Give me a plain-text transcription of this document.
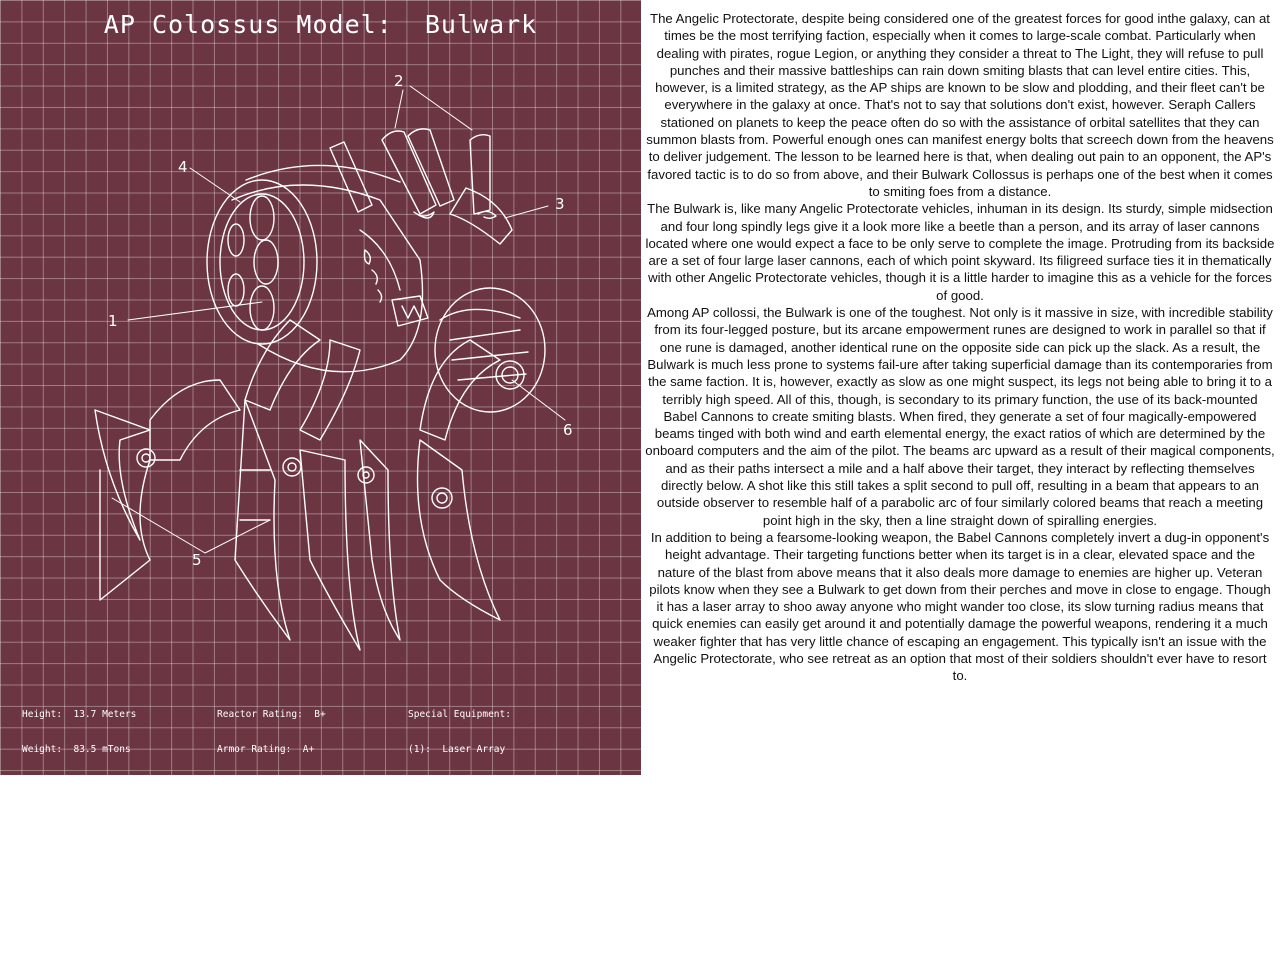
AP Colossus Model:  Bulwark
1
2
3
4
5
6

Height:  13.7 Meters

Weight:  83.5 mTons

Production Year:  BC35

Developed:  Dominion Legacy

Manufactured:  Various

Role:  Artillery Support

Spaceflight/BioWarp:  No/No

Reactor Rating:  B+

Armor Rating:  A+

Primary Armament Rating:  C+

Secondary Armament Rating:  C

Top Speed Rating:  D

Shield Rating:  A+

Maneuver Rating:  D

Special Equipment:

(1):  Laser Array

(2):  Babel Cannons

(3):  Mirrored Empowerment Runes

(4):  Blessed Armor

(5):  Stabilizer Legs

(6):  Centralized Cockpit

The Angelic Protectorate, despite being considered one of the greatest forces for good inthe galaxy, can at times be the most terrifying faction, especially when it comes to large-scale combat. Particularly when dealing with pirates, rogue Legion, or anything they consider a threat to The Light, they will refuse to pull punches and their massive battleships can rain down smiting blasts that can level entire cities. This, however, is a limited strategy, as the AP ships are known to be slow and plodding, and their fleet can't be everywhere in the galaxy at once. That's not to say that solutions don't exist, however. Seraph Callers stationed on planets to keep the peace often do so with the assistance of orbital satellites that they can summon blasts from. Powerful enough ones can manifest energy bolts that screech down from the heavens to deliver judgement. The lesson to be learned here is that, when dealing out pain to an opponent, the AP's favored tactic is to do so from above, and their Bulwark Collossus is perhaps one of the best when it comes to smiting foes from a distance.

The Bulwark is, like many Angelic Protectorate vehicles, inhuman in its design. Its sturdy, simple midsection and four long spindly legs give it a look more like a beetle than a person, and its array of laser cannons located where one would expect a face to be only serve to complete the image. Protruding from its backside are a set of four large laser cannons, each of which point skyward. Its filigreed surface ties it in thematically with other Angelic Protectorate vehicles, though it is a little harder to imagine this as a vehicle for the forces of good.

Among AP collossi, the Bulwark is one of the toughest. Not only is it massive in size, with incredible stability from its four-legged posture, but its arcane empowerment runes are designed to work in parallel so that if one rune is damaged, another identical rune on the opposite side can pick up the slack. As a result, the Bulwark is much less prone to systems fail-ure after taking superficial damage than its contemporaries from the same faction. It is, however, exactly as slow as one might suspect, its legs not being able to bring it to a terribly high speed. All of this, though, is secondary to its primary function, the use of its back-mounted Babel Cannons to create smiting blasts. When fired, they generate a set of four magically-empowered beams tinged with both wind and earth elemental energy, the exact ratios of which are determined by the onboard computers and the aim of the pilot. The beams arc upward as a result of their magical components, and as their paths intersect a mile and a half above their target, they interact by reflecting themselves directly below. A shot like this still takes a split second to pull off, resulting in a beam that appears to an outside observer to resemble half of a parabolic arc of four similarly colored beams that reach a meeting point high in the sky, then a line straight down of spiralling energies.

In addition to being a fearsome-looking weapon, the Babel Cannons completely invert a dug-in opponent's height advantage. Their targeting functions better when its target is in a clear, elevated space and the nature of the blast from above means that it also deals more damage to enemies are higher up. Veteran pilots know when they see a Bulwark to get down from their perches and move in close to engage. Though it has a laser array to shoo away anyone who might wander too close, its slow turning radius means that quick enemies can easily get around it and potentially damage the powerful weapons, rendering it a much weaker fighter that has very little chance of escaping an engagement. This typically isn't an issue with the Angelic Protectorate, who see retreat as an option that most of their soldiers shouldn't ever have to resort to.
